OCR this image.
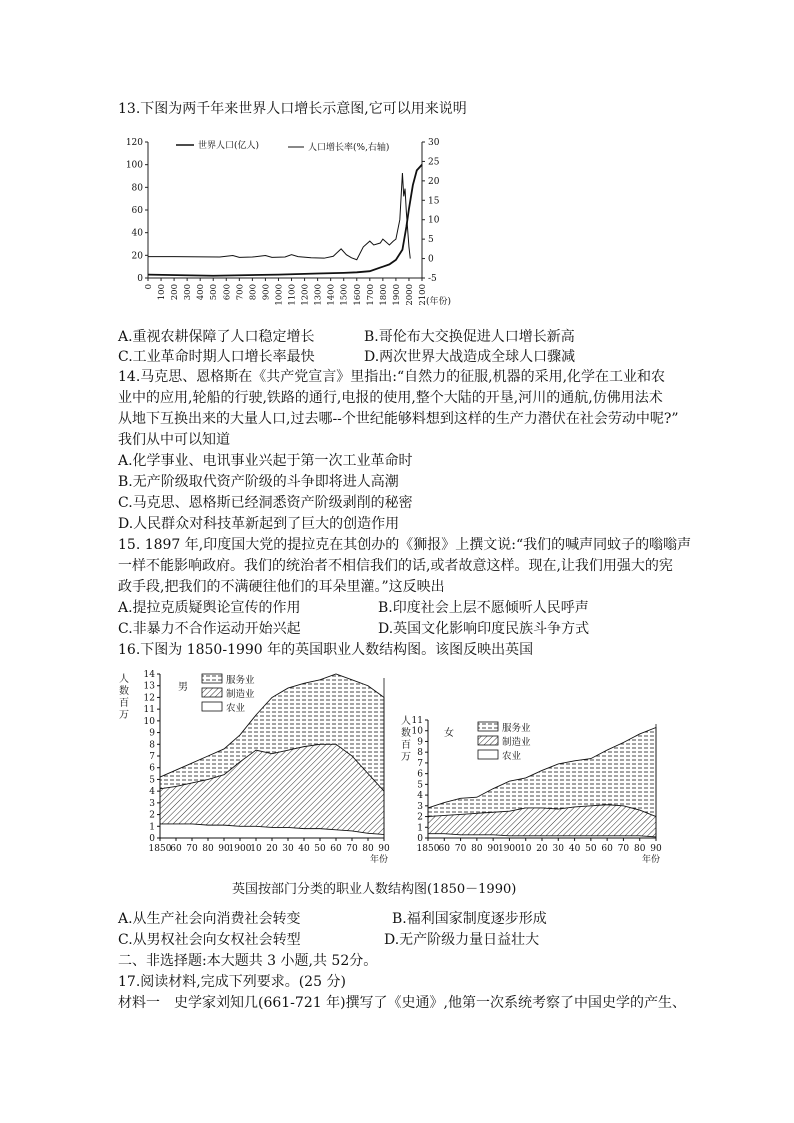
13.下图为两千年来世界人口增长示意图,它可以用来说明
0
20
40
60
80
100
120
-5
0
5
10
15
20
25
30
0 100 200 300 400 500 600 700 800 900 1000 1100 1200 1300 1400 1500 1600 1700 1800 1900 2000 2100
(年份)
世界人口(亿人)	人口增长率(%,右轴)
A.重视农耕保障了人口稳定增长	B.哥伦布大交换促进人口增长新高
C.工业革命时期人口增长率最快	D.两次世界大战造成全球人口骤减
14.马克思、恩格斯在《共产党宣言》里指出:“自然力的征服,机器的采用,化学在工业和农
业中的应用,轮船的行驶,铁路的通行,电报的使用,整个大陆的开垦,河川的通航,仿佛用法术
从地下互换出来的大量人口,过去哪--个世纪能够料想到这样的生产力潜伏在社会劳动中呢?”
我们从中可以知道
A.化学事业、电讯事业兴起于第一次工业革命时
B.无产阶级取代资产阶级的斗争即将进人高潮
C.马克思、恩格斯已经洞悉资产阶级剥削的秘密
D.人民群众对科技革新起到了巨大的创造作用
15. 1897 年,印度国大党的提拉克在其创办的《狮报》上撰文说:“我们的喊声同蚊子的嗡嗡声
一样不能影响政府。我们的统治者不相信我们的话,或者故意这样。现在,让我们用强大的宪
政手段,把我们的不满硬往他们的耳朵里灌。”这反映出
A.提拉克质疑舆论宣传的作用	B.印度社会上层不愿倾听人民呼声
C.非暴力不合作运动开始兴起	D.英国文化影响印度民族斗争方式
16.下图为 1850-1990 年的英国职业人数结构图。该图反映出英国
0
1
2
3
4
5
6
7
8
9
10
11
12
13
14
1850
60 70 80 90
1900
10 20 30 40 50 60 70 80 90
年份
人
数
百
万
男
服务业
制造业
农业
0
1
2
3
4
5
6
7
8
9
10
11
1850 60 70 80 90 1900 10 20 30 40 50 60 70 80 90
年份
人
数
百
万
女	服务业
制造业
农业
英国按部门分类的职业人数结构图(1850－1990)
A.从生产社会向消费社会转变	B.福利国家制度逐步形成
C.从男权社会向女权社会转型	D.无产阶级力量日益壮大
二、非选择题:本大题共 3 小题,共 52分。
17.阅读材料,完成下列要求。(25 分)
材料一　史学家刘知几(661-721 年)撰写了《史通》,他第一次系统考察了中国史学的产生、
